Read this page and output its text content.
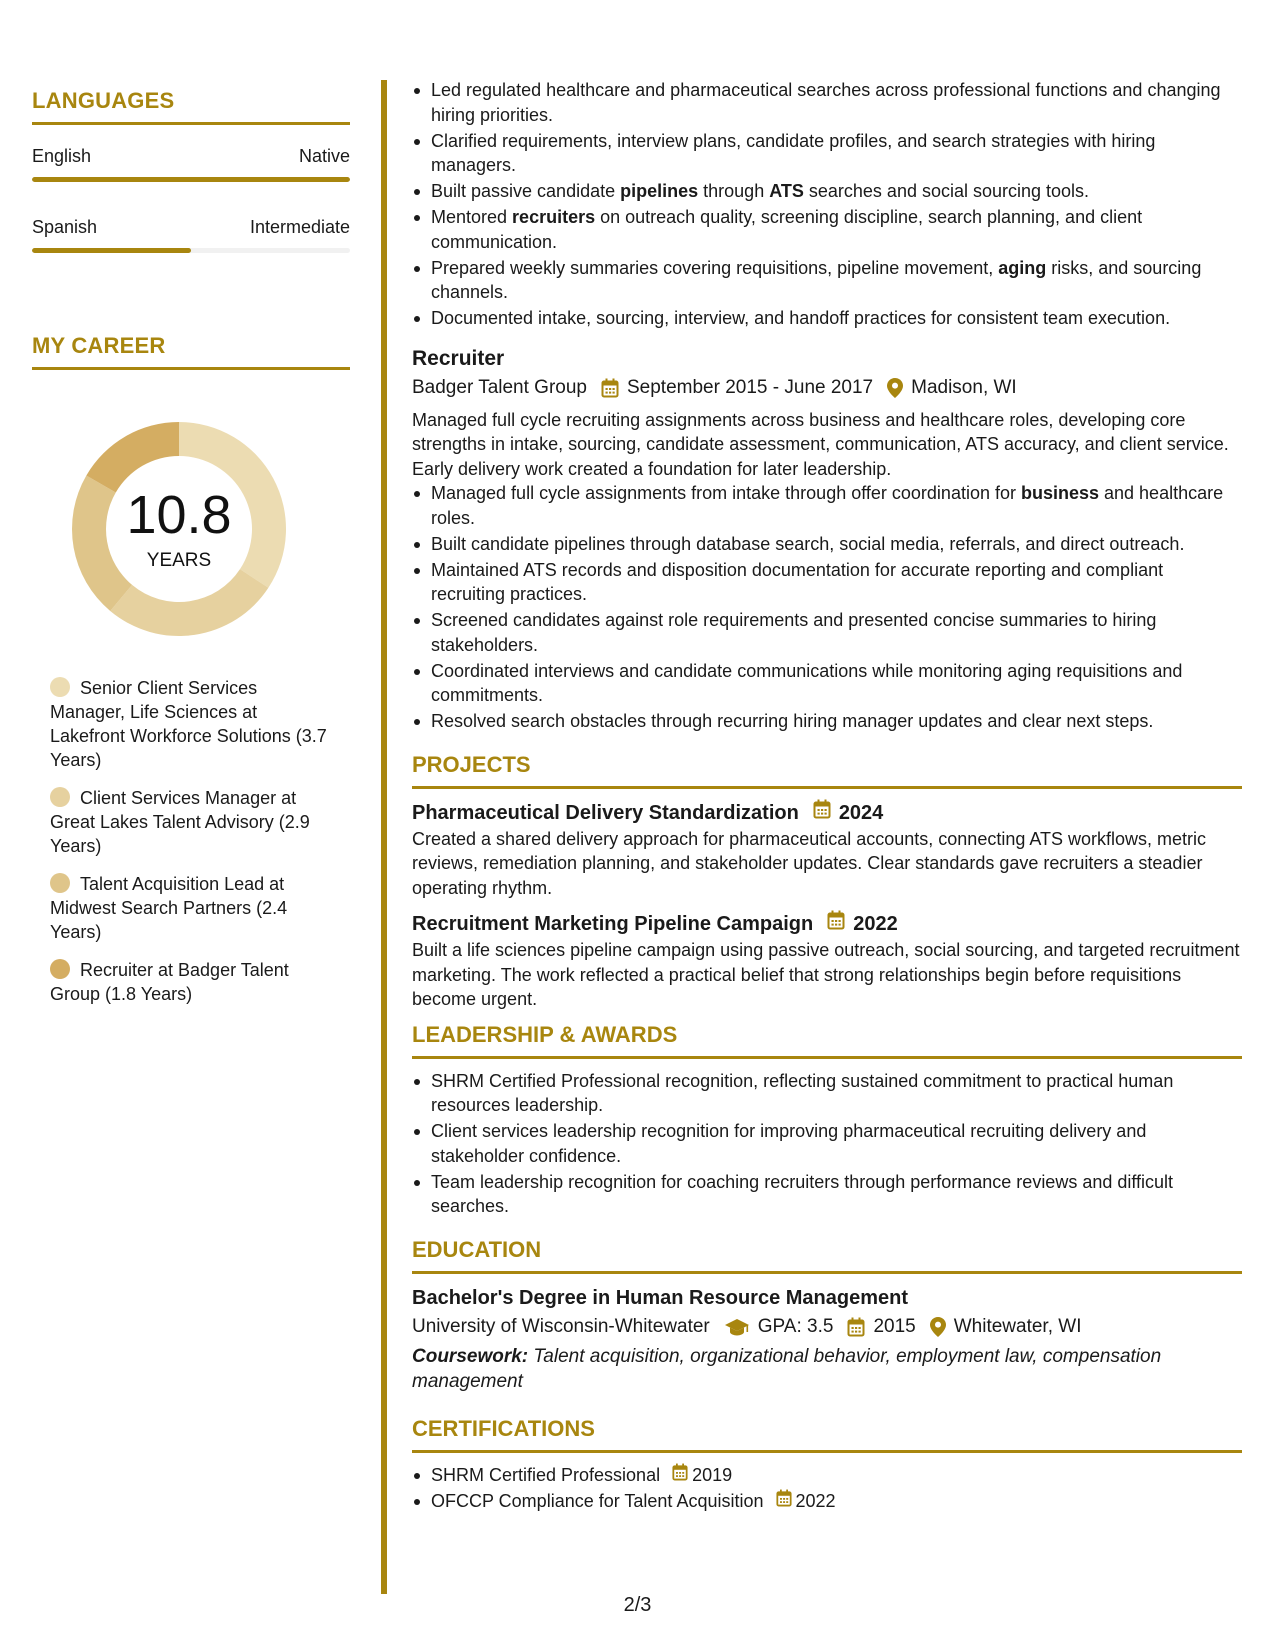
LANGUAGES
English	Native
Spanish	Intermediate
MY CAREER
10.8
YEARS
Senior Client Services Manager, Life Sciences at Lakefront Workforce Solutions (3.7 Years)
Client Services Manager at Great Lakes Talent Advisory (2.9 Years)
Talent Acquisition Lead at Midwest Search Partners (2.4 Years)
Recruiter at Badger Talent Group (1.8 Years)
Led regulated healthcare and pharmaceutical searches across professional functions and changing hiring priorities.
Clarified requirements, interview plans, candidate profiles, and search strategies with hiring managers.
Built passive candidate pipelines through ATS searches and social sourcing tools.
Mentored recruiters on outreach quality, screening discipline, search planning, and client communication.
Prepared weekly summaries covering requisitions, pipeline movement, aging risks, and sourcing channels.
Documented intake, sourcing, interview, and handoff practices for consistent team execution.
Recruiter
Badger Talent Group September 2015 - June 2017 Madison, WI
Managed full cycle recruiting assignments across business and healthcare roles, developing core strengths in intake, sourcing, candidate assessment, communication, ATS accuracy, and client service. Early delivery work created a foundation for later leadership.
Managed full cycle assignments from intake through offer coordination for business and healthcare roles.
Built candidate pipelines through database search, social media, referrals, and direct outreach.
Maintained ATS records and disposition documentation for accurate reporting and compliant recruiting practices.
Screened candidates against role requirements and presented concise summaries to hiring stakeholders.
Coordinated interviews and candidate communications while monitoring aging requisitions and commitments.
Resolved search obstacles through recurring hiring manager updates and clear next steps.
PROJECTS
Pharmaceutical Delivery Standardization 2024
Created a shared delivery approach for pharmaceutical accounts, connecting ATS workflows, metric reviews, remediation planning, and stakeholder updates. Clear standards gave recruiters a steadier operating rhythm.
Recruitment Marketing Pipeline Campaign 2022
Built a life sciences pipeline campaign using passive outreach, social sourcing, and targeted recruitment marketing. The work reflected a practical belief that strong relationships begin before requisitions become urgent.
LEADERSHIP & AWARDS
SHRM Certified Professional recognition, reflecting sustained commitment to practical human resources leadership.
Client services leadership recognition for improving pharmaceutical recruiting delivery and stakeholder confidence.
Team leadership recognition for coaching recruiters through performance reviews and difficult searches.
EDUCATION
Bachelor's Degree in Human Resource Management
University of Wisconsin-Whitewater	GPA: 3.5 2015 Whitewater, WI
Coursework: Talent acquisition, organizational behavior, employment law, compensation management
CERTIFICATIONS
SHRM Certified Professional 2019
OFCCP Compliance for Talent Acquisition 2022
2/3
